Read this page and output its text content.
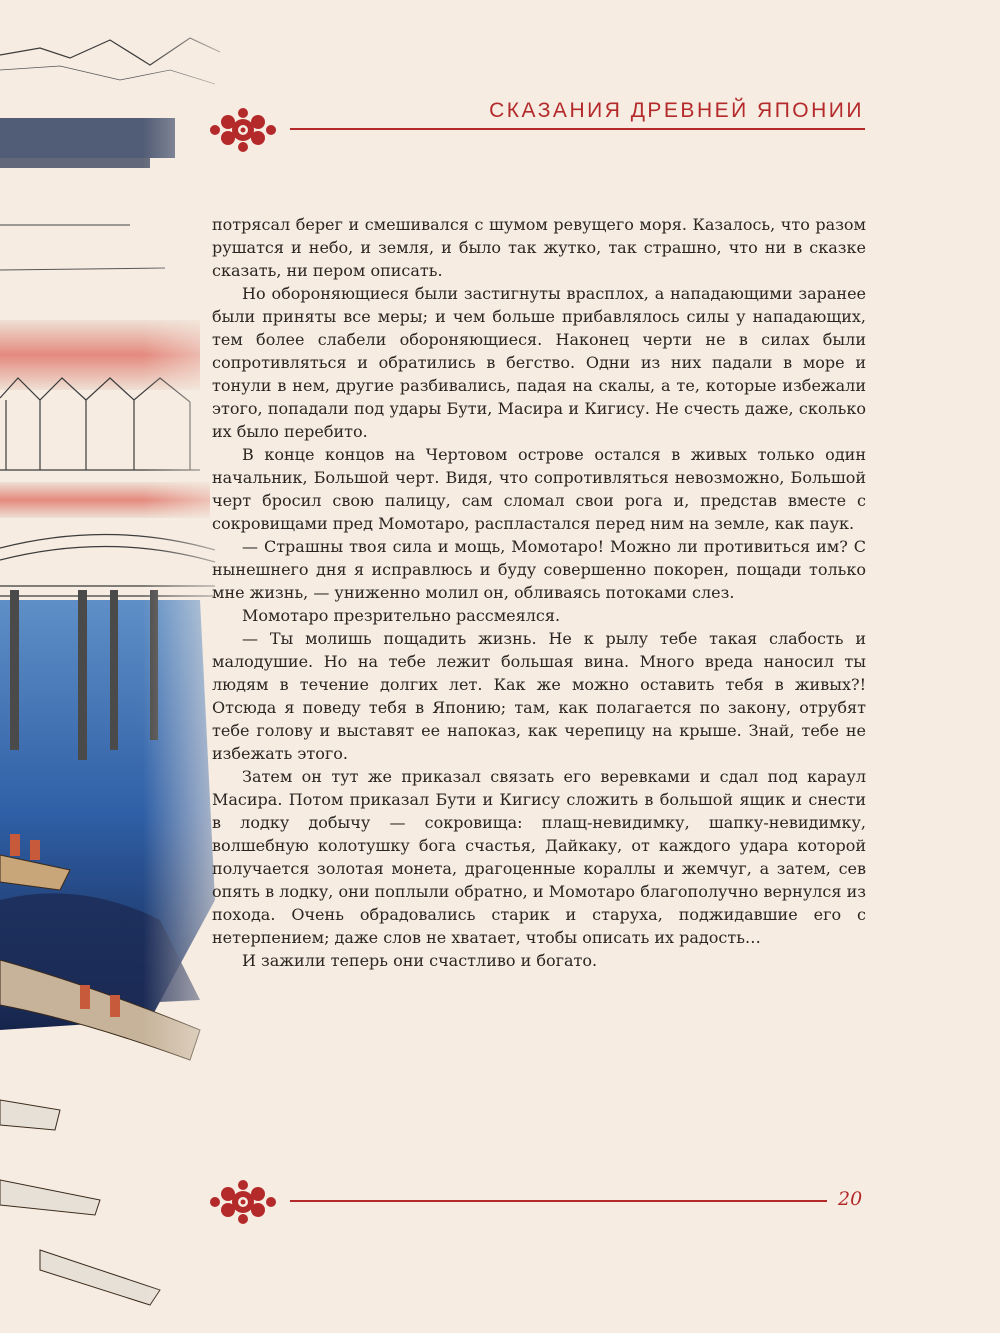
СКАЗАНИЯ ДРЕВНЕЙ ЯПОНИИ

потрясал берег и смешивался с шумом ревущего моря. Казалось, что разом рушатся и небо, и земля, и было так жутко, так страшно, что ни в сказке сказать, ни пером описать.

Но обороняющиеся были застигнуты врасплох, а нападающими заранее были приняты все меры; и чем больше прибавлялось силы у нападающих, тем более слабели обороняющиеся. Наконец черти не в силах были сопротивляться и обратились в бегство. Одни из них падали в море и тонули в нем, другие разбивались, падая на скалы, а те, которые избежали этого, попадали под удары Бути, Масира и Кигису. Не счесть даже, сколько их было перебито.

В конце концов на Чертовом острове остался в живых только один начальник, Большой черт. Видя, что сопротивляться невозможно, Большой черт бросил свою палицу, сам сломал свои рога и, представ вместе с сокровищами пред Момотаро, распластался перед ним на земле, как паук.

— Страшны твоя сила и мощь, Момотаро! Можно ли противиться им? С нынешнего дня я исправлюсь и буду совершенно покорен, пощади только мне жизнь, — униженно молил он, обливаясь потоками слез.

Момотаро презрительно рассмеялся.

— Ты молишь пощадить жизнь. Не к рылу тебе такая слабость и малодушие. Но на тебе лежит большая вина. Много вреда наносил ты людям в течение долгих лет. Как же можно оставить тебя в живых?! Отсюда я поведу тебя в Японию; там, как полагается по закону, отрубят тебе голову и выставят ее напоказ, как черепицу на крыше. Знай, тебе не избежать этого.

Затем он тут же приказал связать его веревками и сдал под караул Масира. Потом приказал Бути и Кигису сложить в большой ящик и снести в лодку добычу — сокровища: плащ-невидимку, шапку-невидимку, волшебную колотушку бога счастья, Дайкаку, от каждого удара которой получается золотая монета, драгоценные кораллы и жемчуг, а затем, сев опять в лодку, они поплыли обратно, и Момотаро благополучно вернулся из похода. Очень обрадовались старик и старуха, поджидавшие его с нетерпением; даже слов не хватает, чтобы описать их радость…

И зажили теперь они счастливо и богато.

20
